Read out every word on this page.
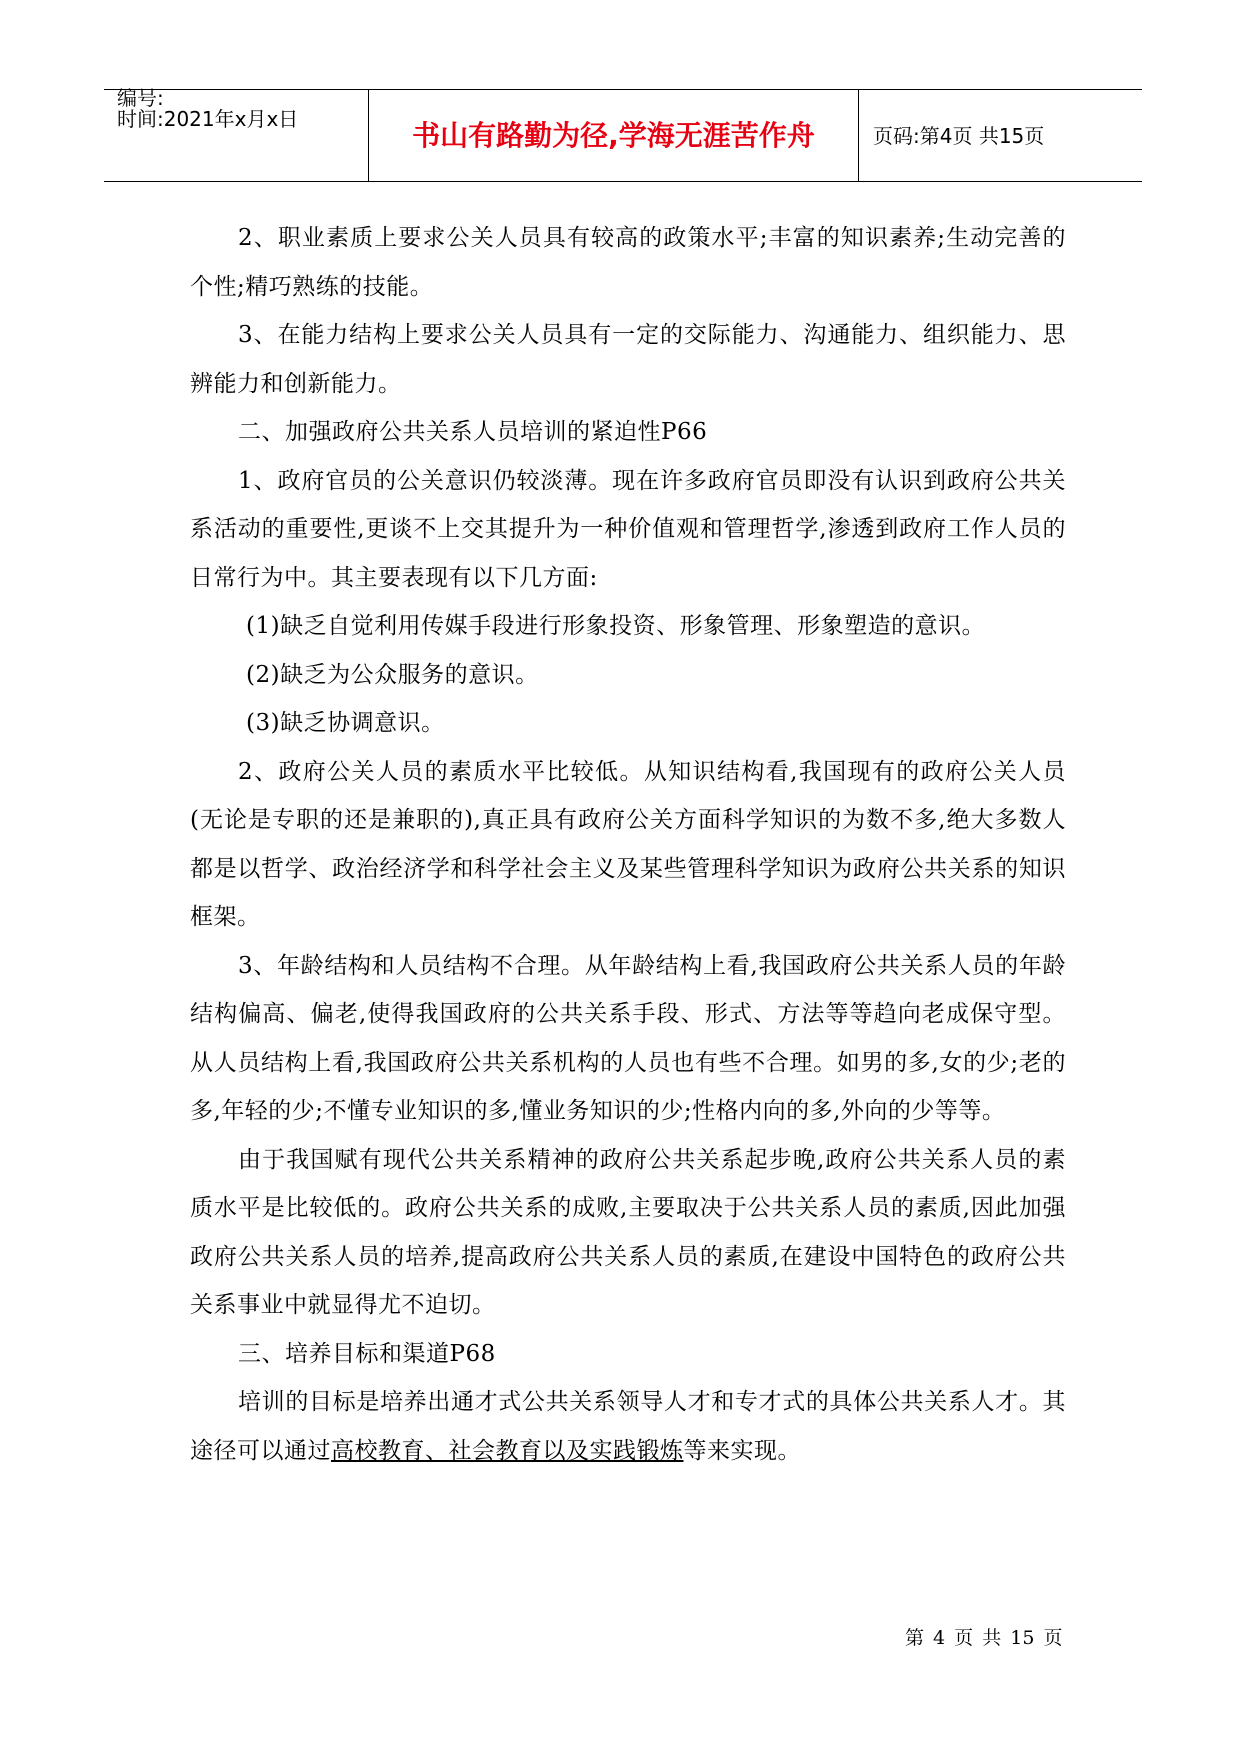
编号:
时间:2021年x月x日	书山有路勤为径,学海无涯苦作舟	页码:第4页 共15页

2、职业素质上要求公关人员具有较高的政策水平;丰富的知识素养;生动完善的个性;精巧熟练的技能。

3、在能力结构上要求公关人员具有一定的交际能力、沟通能力、组织能力、思辨能力和创新能力。

二、加强政府公共关系人员培训的紧迫性P66

1、政府官员的公关意识仍较淡薄。现在许多政府官员即没有认识到政府公共关系活动的重要性,更谈不上交其提升为一种价值观和管理哲学,渗透到政府工作人员的日常行为中。其主要表现有以下几方面:

(1)缺乏自觉利用传媒手段进行形象投资、形象管理、形象塑造的意识。

(2)缺乏为公众服务的意识。

(3)缺乏协调意识。

2、政府公关人员的素质水平比较低。从知识结构看,我国现有的政府公关人员(无论是专职的还是兼职的),真正具有政府公关方面科学知识的为数不多,绝大多数人都是以哲学、政治经济学和科学社会主义及某些管理科学知识为政府公共关系的知识框架。

3、年龄结构和人员结构不合理。从年龄结构上看,我国政府公共关系人员的年龄结构偏高、偏老,使得我国政府的公共关系手段、形式、方法等等趋向老成保守型。从人员结构上看,我国政府公共关系机构的人员也有些不合理。如男的多,女的少;老的多,年轻的少;不懂专业知识的多,懂业务知识的少;性格内向的多,外向的少等等。

由于我国赋有现代公共关系精神的政府公共关系起步晚,政府公共关系人员的素质水平是比较低的。政府公共关系的成败,主要取决于公共关系人员的素质,因此加强政府公共关系人员的培养,提高政府公共关系人员的素质,在建设中国特色的政府公共关系事业中就显得尤不迫切。

三、培养目标和渠道P68

培训的目标是培养出通才式公共关系领导人才和专才式的具体公共关系人才。其途径可以通过高校教育、社会教育以及实践锻炼等来实现。

第 4 页 共 15 页
